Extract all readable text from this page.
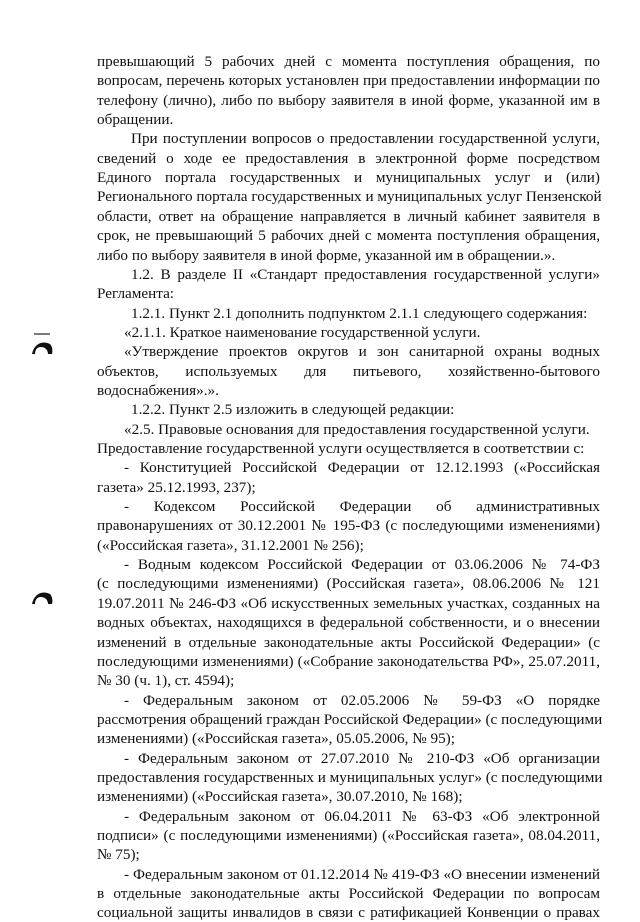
превышающий 5 рабочих дней с момента поступления обращения, по
вопросам, перечень которых установлен при предоставлении информации по
телефону (лично), либо по выбору заявителя в иной форме, указанной им в
обращении.
При поступлении вопросов о предоставлении государственной услуги,
сведений о ходе ее предоставления в электронной форме посредством
Единого портала государственных и муниципальных услуг и (или)
Регионального портала государственных и муниципальных услуг Пензенской
области, ответ на обращение направляется в личный кабинет заявителя в
срок, не превышающий 5 рабочих дней с момента поступления обращения,
либо по выбору заявителя в иной форме, указанной им в обращении.».
1.2. В разделе II «Стандарт предоставления государственной услуги»
Регламента:
1.2.1. Пункт 2.1 дополнить подпунктом 2.1.1 следующего содержания:
«2.1.1. Краткое наименование государственной услуги.
«Утверждение проектов округов и зон санитарной охраны водных
объектов, используемых для питьевого, хозяйственно-бытового
водоснабжения».».
1.2.2. Пункт 2.5 изложить в следующей редакции:
«2.5. Правовые основания для предоставления государственной услуги.
Предоставление государственной услуги осуществляется в соответствии с:
- Конституцией Российской Федерации от 12.12.1993 («Российская
газета» 25.12.1993, 237);
- Кодексом Российской Федерации об административных
правонарушениях от 30.12.2001 № 195-ФЗ (с последующими изменениями)
(«Российская газета», 31.12.2001 № 256);
- Водным кодексом Российской Федерации от 03.06.2006 № 74-ФЗ
(с последующими изменениями) (Российская газета», 08.06.2006 № 121
19.07.2011 № 246-ФЗ «Об искусственных земельных участках, созданных на
водных объектах, находящихся в федеральной собственности, и о внесении
изменений в отдельные законодательные акты Российской Федерации» (с
последующими изменениями) («Собрание законодательства РФ», 25.07.2011,
№ 30 (ч. 1), ст. 4594);
- Федеральным законом от 02.05.2006 № 59-ФЗ «О порядке
рассмотрения обращений граждан Российской Федерации» (с последующими
изменениями) («Российская газета», 05.05.2006, № 95);
- Федеральным законом от 27.07.2010 № 210-ФЗ «Об организации
предоставления государственных и муниципальных услуг» (с последующими
изменениями) («Российская газета», 30.07.2010, № 168);
- Федеральным законом от 06.04.2011 № 63-ФЗ «Об электронной
подписи» (с последующими изменениями) («Российская газета», 08.04.2011,
№ 75);
- Федеральным законом от 01.12.2014 № 419-ФЗ «О внесении изменений
в отдельные законодательные акты Российской Федерации по вопросам
социальной защиты инвалидов в связи с ратификацией Конвенции о правах
